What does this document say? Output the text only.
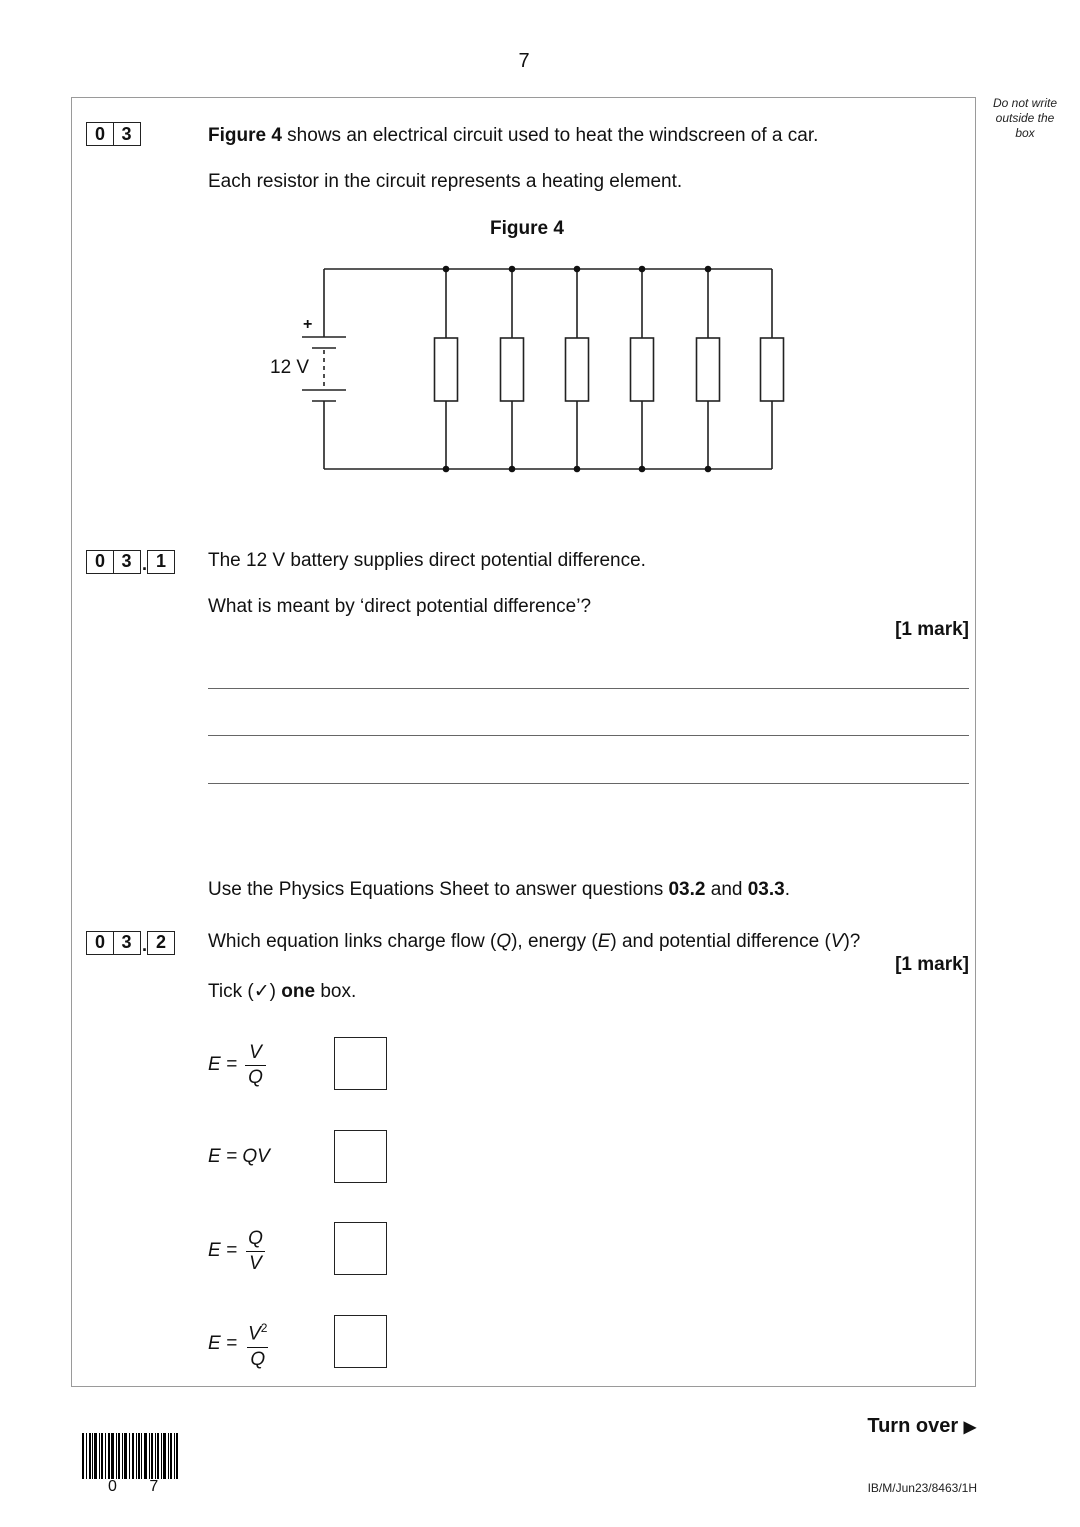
7
Do not write
outside the
box
0 3	Figure 4 shows an electrical circuit used to heat the windscreen of a car.
Each resistor in the circuit represents a heating element.
Figure 4
+
12 V
0 3 . 1	The 12 V battery supplies direct potential difference.
What is meant by ‘direct potential difference’?
[1 mark]
Use the Physics Equations Sheet to answer questions 03.2 and 03.3.
0 3 . 2	Which equation links charge flow (Q), energy (E) and potential difference (V)?
[1 mark]
Tick (✓) one box.
$E = \frac{V}{Q}$
E = QV
$E = \frac{Q}{V}$
$E = \frac{V^2}{Q}$
0 7
Turn over ▶
IB/M/Jun23/8463/1H
